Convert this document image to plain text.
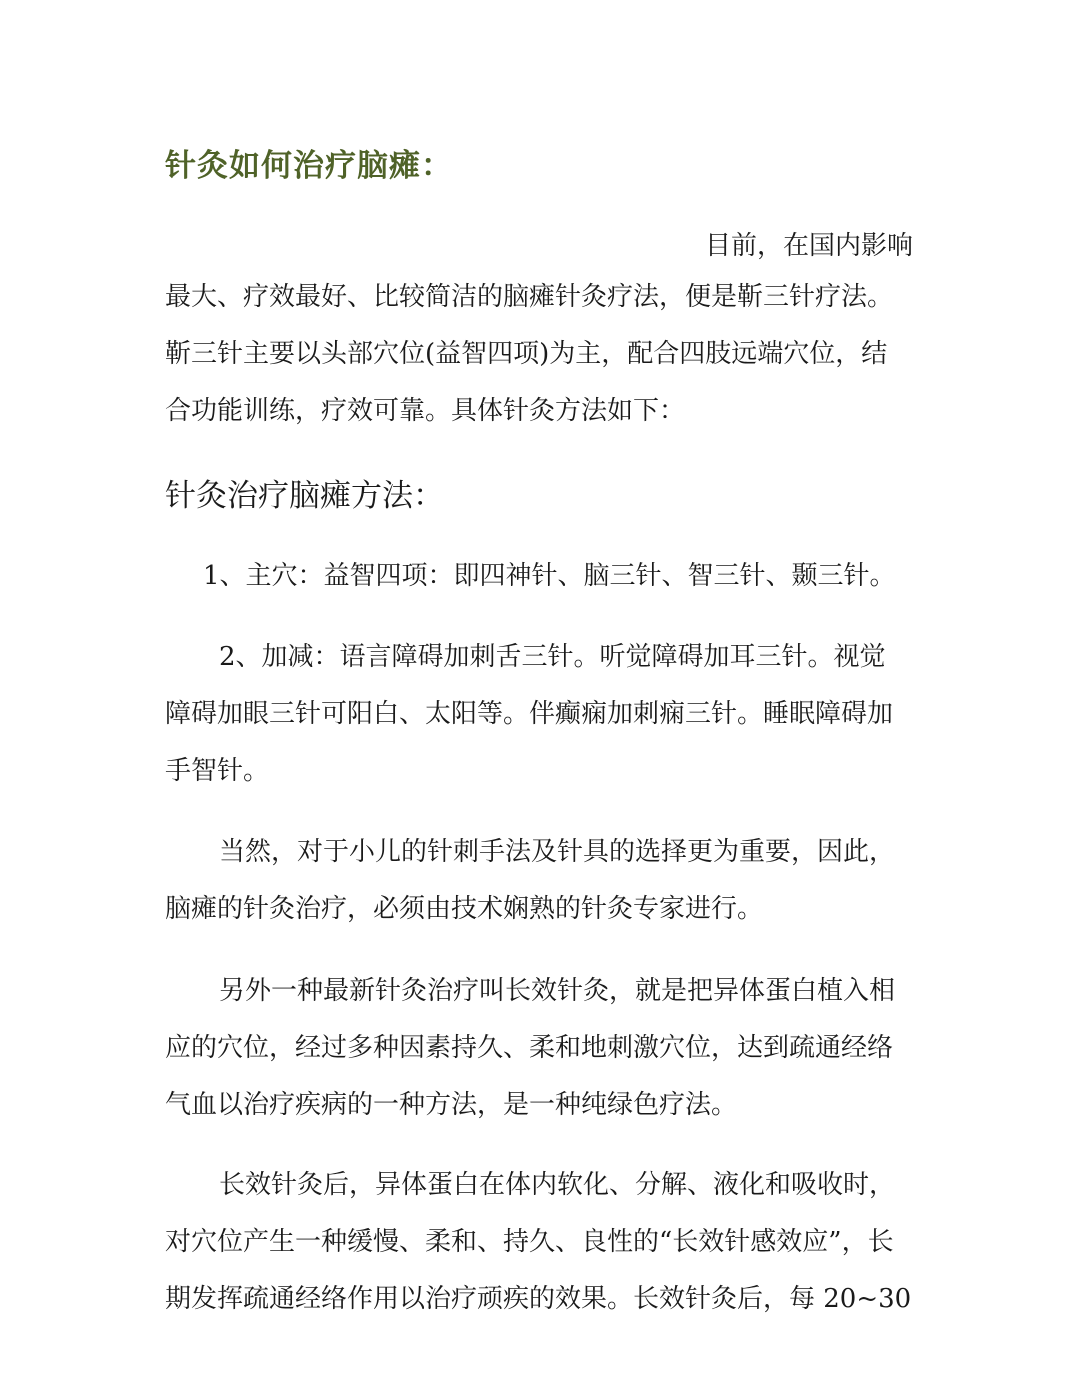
针灸如何治疗脑瘫：
目前，在国内影响
最大、疗效最好、比较简洁的脑瘫针灸疗法，便是靳三针疗法。
靳三针主要以头部穴位(益智四项)为主，配合四肢远端穴位，结
合功能训练，疗效可靠。具体针灸方法如下：
针灸治疗脑瘫方法：
1、主穴：益智四项：即四神针、脑三针、智三针、颞三针。
2、加减：语言障碍加刺舌三针。听觉障碍加耳三针。视觉
障碍加眼三针可阳白、太阳等。伴癫痫加刺痫三针。睡眠障碍加
手智针。
当然，对于小儿的针刺手法及针具的选择更为重要，因此，
脑瘫的针灸治疗，必须由技术娴熟的针灸专家进行。
另外一种最新针灸治疗叫长效针灸，就是把异体蛋白植入相
应的穴位，经过多种因素持久、柔和地刺激穴位，达到疏通经络
气血以治疗疾病的一种方法，是一种纯绿色疗法。
长效针灸后，异体蛋白在体内软化、分解、液化和吸收时，
对穴位产生一种缓慢、柔和、持久、良性的“长效针感效应”，长
期发挥疏通经络作用以治疗顽疾的效果。长效针灸后，每 20~30
